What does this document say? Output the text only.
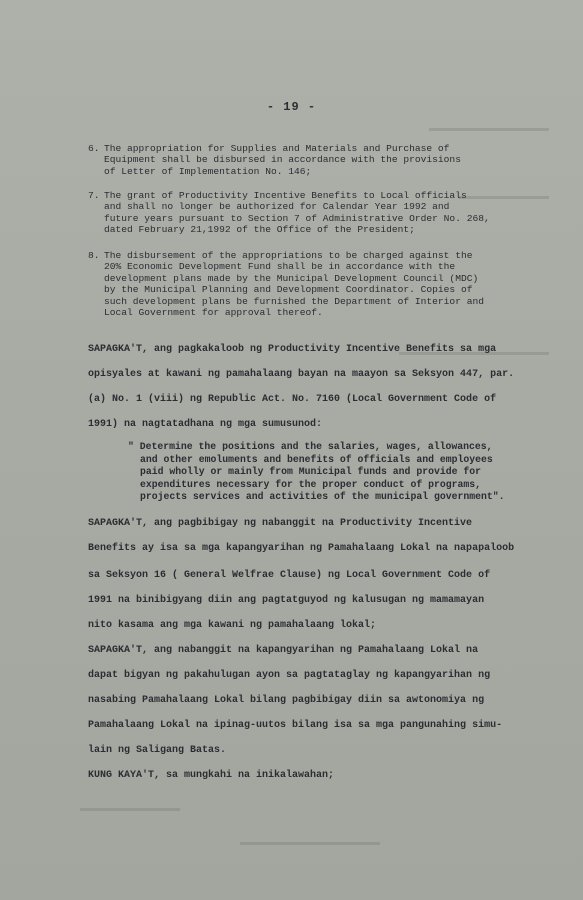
- 19 -
6. The appropriation for Supplies and Materials and Purchase of
Equipment shall be disbursed in accordance with the provisions
of Letter of Implementation No. 146;
7. The grant of Productivity Incentive Benefits to Local officials
and shall no longer be authorized for Calendar Year 1992 and
future years pursuant to Section 7 of Administrative Order No. 268,
dated February 21,1992 of the Office of the President;
8. The disbursement of the appropriations to be charged against the
20% Economic Development Fund shall be in accordance with the
development plans made by the Municipal Development Council (MDC)
by the Municipal Planning and Development Coordinator. Copies of
such development plans be furnished the Department of Interior and
Local Government for approval thereof.
SAPAGKA'T, ang pagkakaloob ng Productivity Incentive Benefits sa mga
opisyales at kawani ng pamahalaang bayan na maayon sa Seksyon 447, par.
(a) No. 1 (viii) ng Republic Act. No. 7160 (Local Government Code of
1991) na nagtatadhana ng mga sumusunod:
" Determine the positions and the salaries, wages, allowances,
and other emoluments and benefits of officials and employees
paid wholly or mainly from Municipal funds and provide for
expenditures necessary for the proper conduct of programs,
projects services and activities of the municipal government".
SAPAGKA'T, ang pagbibigay ng nabanggit na Productivity Incentive
Benefits ay isa sa mga kapangyarihan ng Pamahalaang Lokal na napapaloob
sa Seksyon 16 ( General Welfrae Clause) ng Local Government Code of
1991 na binibigyang diin ang pagtatguyod ng kalusugan ng mamamayan
nito kasama ang mga kawani ng pamahalaang lokal;
SAPAGKA'T, ang nabanggit na kapangyarihan ng Pamahalaang Lokal na
dapat bigyan ng pakahulugan ayon sa pagtataglay ng kapangyarihan ng
nasabing Pamahalaang Lokal bilang pagbibigay diin sa awtonomiya ng
Pamahalaang Lokal na ipinag-uutos bilang isa sa mga pangunahing simu-
lain ng Saligang Batas.
KUNG KAYA'T, sa mungkahi na inikalawahan;
